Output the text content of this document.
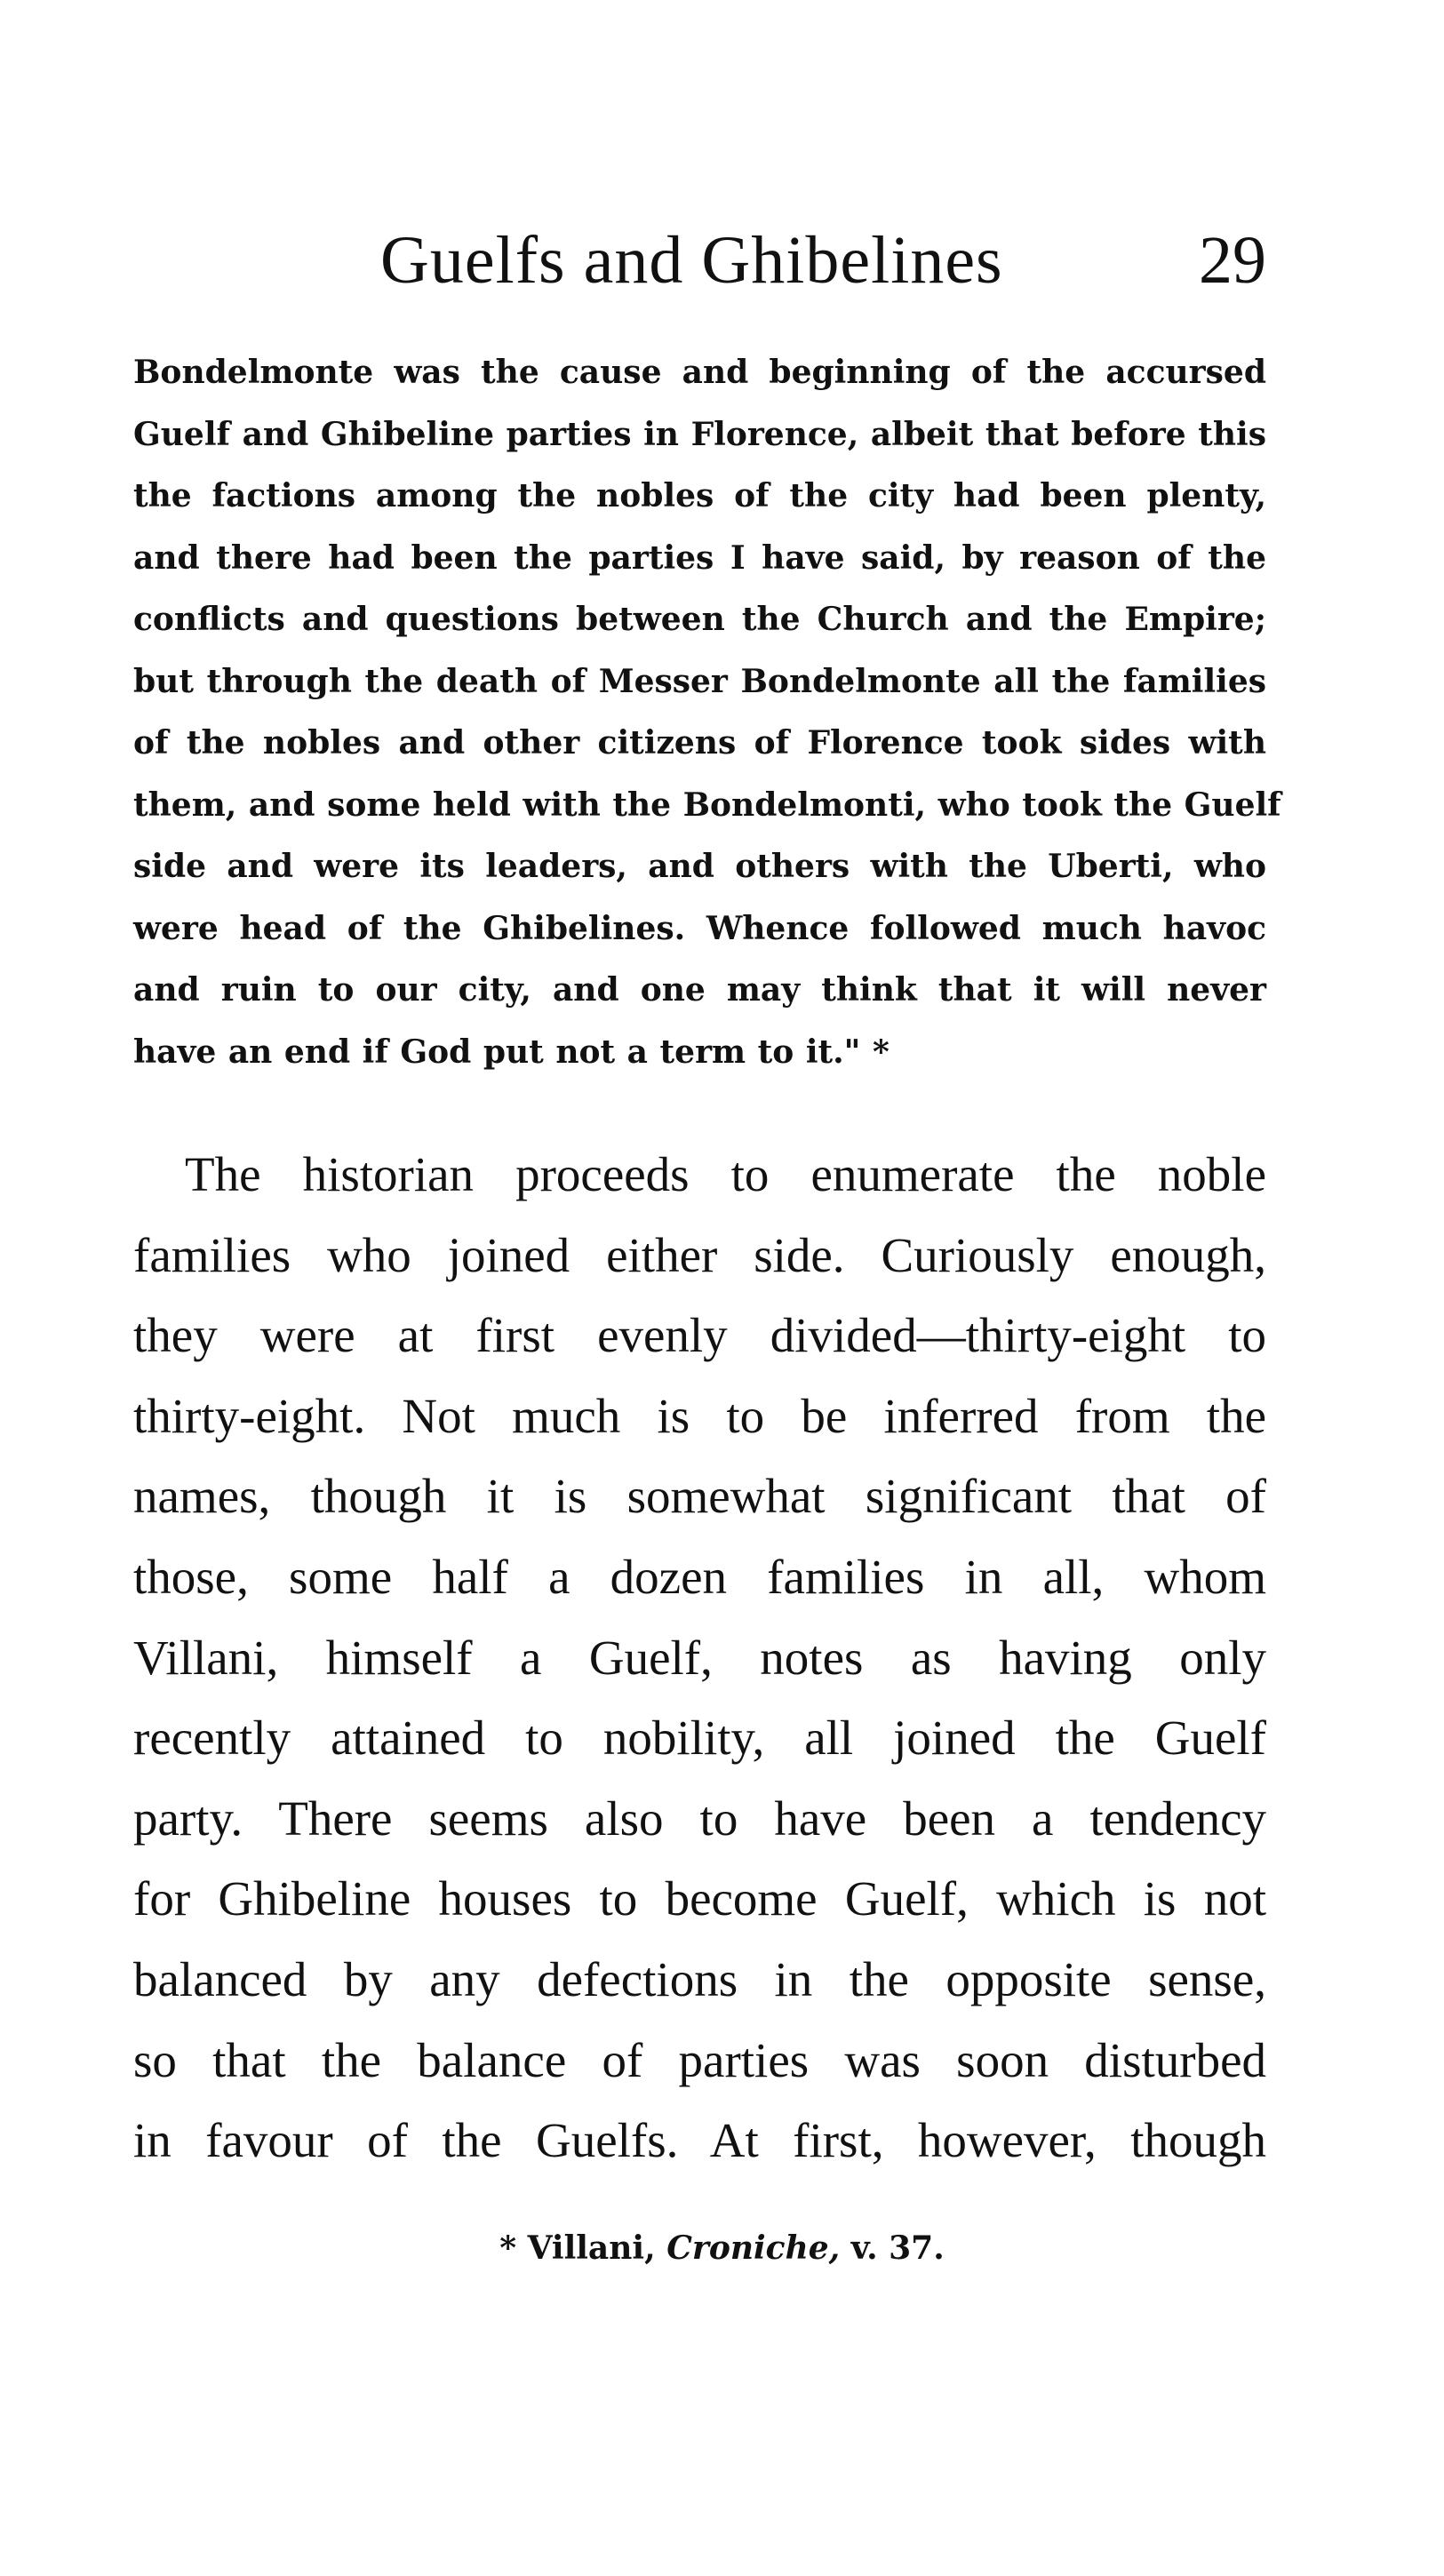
Guelfs and Ghibelines	29
Bondelmonte was the cause and beginning of the accursed
Guelf and Ghibeline parties in Florence, albeit that before this
the factions among the nobles of the city had been plenty,
and there had been the parties I have said, by reason of the
conflicts and questions between the Church and the Empire;
but through the death of Messer Bondelmonte all the families
of the nobles and other citizens of Florence took sides with
them, and some held with the Bondelmonti, who took the Guelf
side and were its leaders, and others with the Uberti, who
were head of the Ghibelines. Whence followed much havoc
and ruin to our city, and one may think that it will never
have an end if God put not a term to it." *
The historian proceeds to enumerate the noble
families who joined either side. Curiously enough,
they were at first evenly divided—thirty-eight to
thirty-eight. Not much is to be inferred from the
names, though it is somewhat significant that of
those, some half a dozen families in all, whom
Villani, himself a Guelf, notes as having only
recently attained to nobility, all joined the Guelf
party. There seems also to have been a tendency
for Ghibeline houses to become Guelf, which is not
balanced by any defections in the opposite sense,
so that the balance of parties was soon disturbed
in favour of the Guelfs. At first, however, though
* Villani, Croniche, v. 37.
